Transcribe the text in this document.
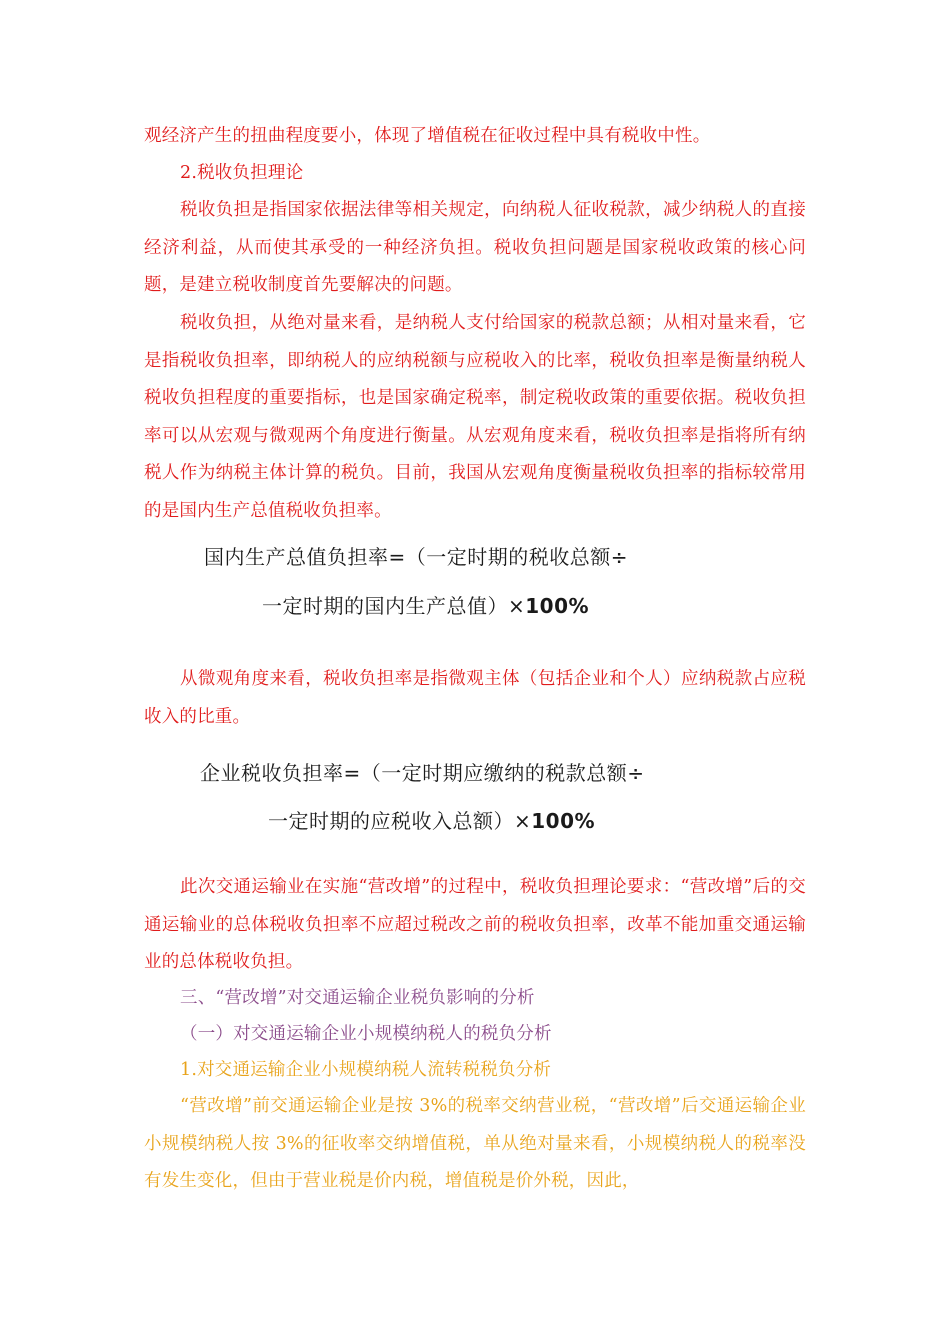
观经济产生的扭曲程度要小，体现了增值税在征收过程中具有税收中性。
2.税收负担理论
税收负担是指国家依据法律等相关规定，向纳税人征收税款，减少纳税人的直接经济利益，从而使其承受的一种经济负担。税收负担问题是国家税收政策的核心问题，是建立税收制度首先要解决的问题。
税收负担，从绝对量来看，是纳税人支付给国家的税款总额；从相对量来看，它是指税收负担率，即纳税人的应纳税额与应税收入的比率，税收负担率是衡量纳税人税收负担程度的重要指标，也是国家确定税率，制定税收政策的重要依据。税收负担率可以从宏观与微观两个角度进行衡量。从宏观角度来看，税收负担率是指将所有纳税人作为纳税主体计算的税负。目前，我国从宏观角度衡量税收负担率的指标较常用的是国内生产总值税收负担率。
国内生产总值负担率=（一定时期的税收总额÷
一定时期的国内生产总值）×100%
从微观角度来看，税收负担率是指微观主体（包括企业和个人）应纳税款占应税收入的比重。
企业税收负担率=（一定时期应缴纳的税款总额÷
一定时期的应税收入总额）×100%
此次交通运输业在实施“营改增”的过程中，税收负担理论要求：“营改增”后的交通运输业的总体税收负担率不应超过税改之前的税收负担率，改革不能加重交通运输业的总体税收负担。
三、“营改增”对交通运输企业税负影响的分析
（一）对交通运输企业小规模纳税人的税负分析
1.对交通运输企业小规模纳税人流转税税负分析
“营改增”前交通运输企业是按 3%的税率交纳营业税，“营改增”后交通运输企业小规模纳税人按 3%的征收率交纳增值税，单从绝对量来看，小规模纳税人的税率没有发生变化，但由于营业税是价内税，增值税是价外税，因此，
